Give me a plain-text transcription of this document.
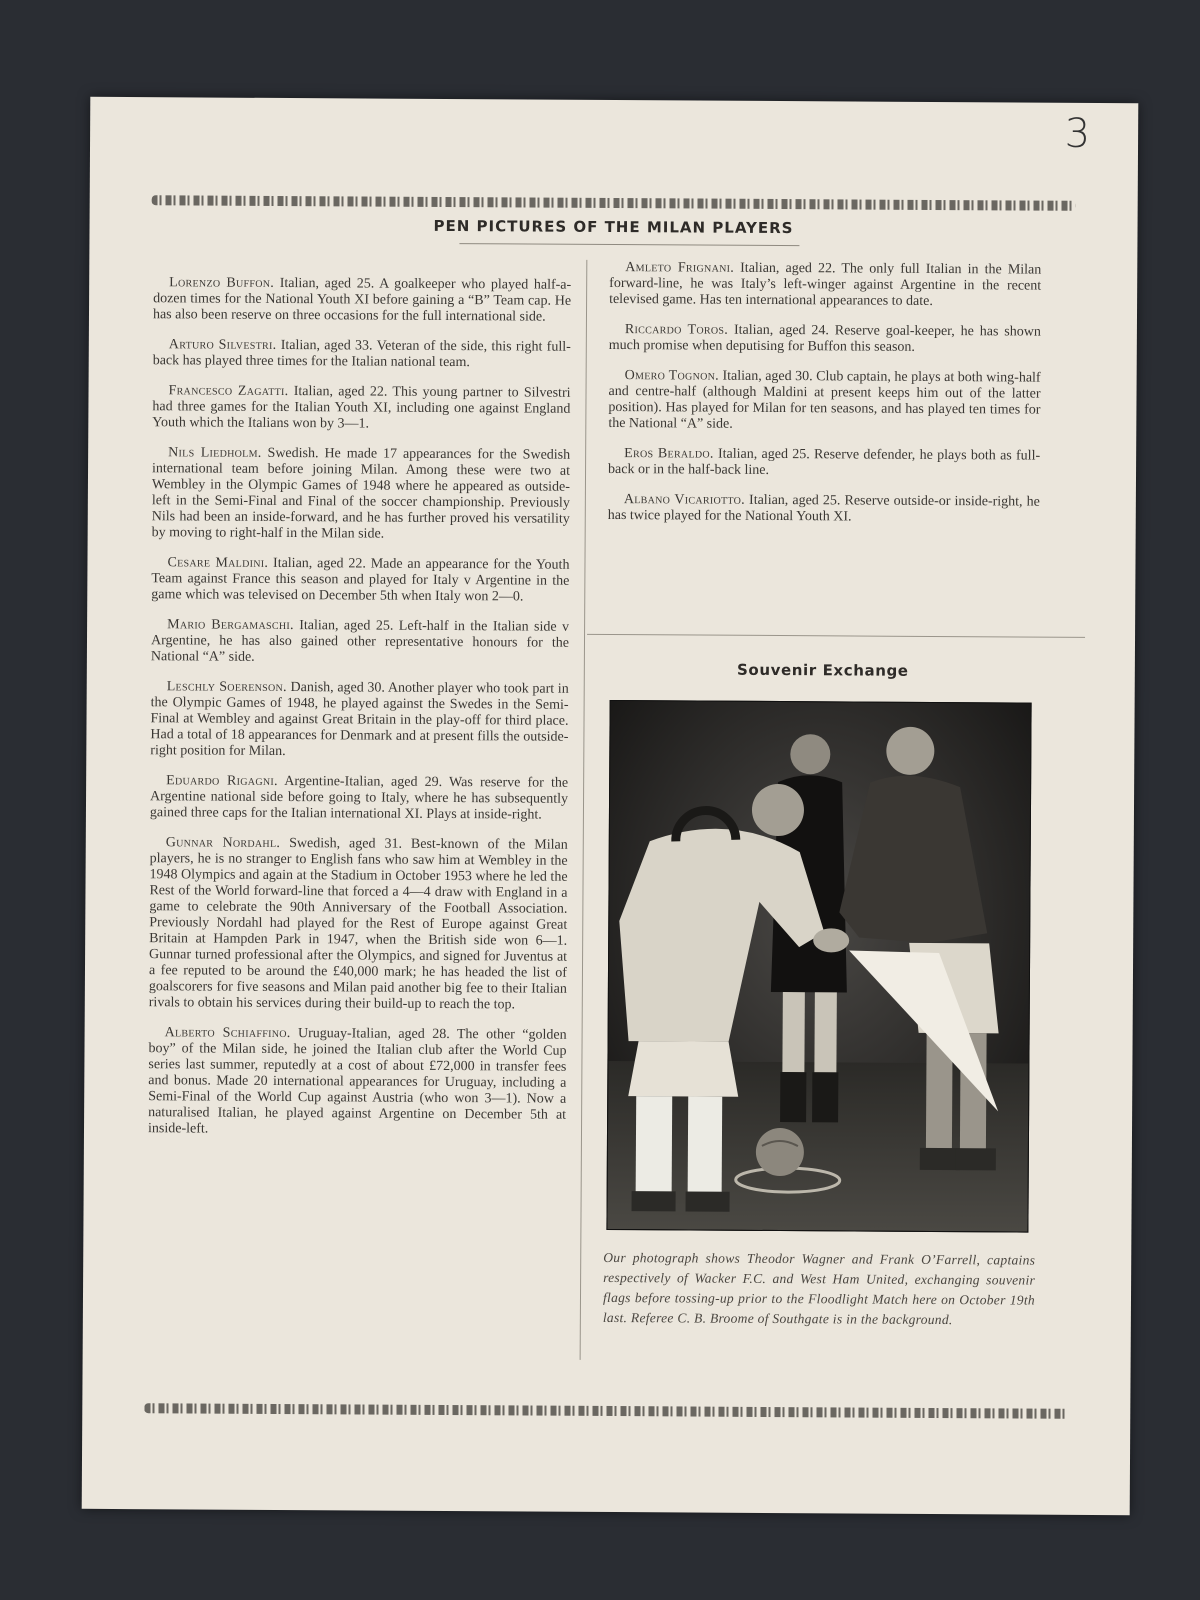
3
PEN PICTURES OF THE MILAN PLAYERS

Lorenzo Buffon. Italian, aged 25. A goalkeeper who played half-a-dozen times for the National Youth XI before gaining a “B” Team cap. He has also been reserve on three occasions for the full international side.

Arturo Silvestri. Italian, aged 33. Veteran of the side, this right full-back has played three times for the Italian national team.

Francesco Zagatti. Italian, aged 22. This young partner to Silvestri had three games for the Italian Youth XI, including one against England Youth which the Italians won by 3—1.

Nils Liedholm. Swedish. He made 17 appearances for the Swedish international team before joining Milan. Among these were two at Wembley in the Olympic Games of 1948 where he appeared as outside-left in the Semi-Final and Final of the soccer championship. Previously Nils had been an inside-forward, and he has further proved his versatility by moving to right-half in the Milan side.

Cesare Maldini. Italian, aged 22. Made an appearance for the Youth Team against France this season and played for Italy v Argentine in the game which was televised on December 5th when Italy won 2—0.

Mario Bergamaschi. Italian, aged 25. Left-half in the Italian side v Argentine, he has also gained other representative honours for the National “A” side.

Leschly Soerenson. Danish, aged 30. Another player who took part in the Olympic Games of 1948, he played against the Swedes in the Semi-Final at Wembley and against Great Britain in the play-off for third place. Had a total of 18 appearances for Denmark and at present fills the outside-right position for Milan.

Eduardo Rigagni. Argentine-Italian, aged 29. Was reserve for the Argentine national side before going to Italy, where he has subsequently gained three caps for the Italian international XI. Plays at inside-right.

Gunnar Nordahl. Swedish, aged 31. Best-known of the Milan players, he is no stranger to English fans who saw him at Wembley in the 1948 Olympics and again at the Stadium in October 1953 where he led the Rest of the World forward-line that forced a 4—4 draw with England in a game to celebrate the 90th Anniversary of the Football Association. Previously Nordahl had played for the Rest of Europe against Great Britain at Hampden Park in 1947, when the British side won 6—1. Gunnar turned professional after the Olympics, and signed for Juventus at a fee reputed to be around the £40,000 mark; he has headed the list of goalscorers for five seasons and Milan paid another big fee to their Italian rivals to obtain his services during their build-up to reach the top.

Alberto Schiaffino. Uruguay-Italian, aged 28. The other “golden boy” of the Milan side, he joined the Italian club after the World Cup series last summer, reputedly at a cost of about £72,000 in transfer fees and bonus. Made 20 international appearances for Uruguay, including a Semi-Final of the World Cup against Austria (who won 3—1). Now a naturalised Italian, he played against Argentine on December 5th at inside-left.

Amleto Frignani. Italian, aged 22. The only full Italian in the Milan forward-line, he was Italy’s left-winger against Argentine in the recent televised game. Has ten international appearances to date.

Riccardo Toros. Italian, aged 24. Reserve goal-keeper, he has shown much promise when deputising for Buffon this season.

Omero Tognon. Italian, aged 30. Club captain, he plays at both wing-half and centre-half (although Maldini at present keeps him out of the latter position). Has played for Milan for ten seasons, and has played ten times for the National “A” side.

Eros Beraldo. Italian, aged 25. Reserve defender, he plays both as full-back or in the half-back line.

Albano Vicariotto. Italian, aged 25. Reserve outside-or inside-right, he has twice played for the National Youth XI.

Souvenir Exchange
Our photograph shows Theodor Wagner and Frank O’Farrell, captains respectively of Wacker F.C. and West Ham United, exchanging souvenir flags before tossing-up prior to the Floodlight Match here on October 19th last. Referee C. B. Broome of Southgate is in the background.
